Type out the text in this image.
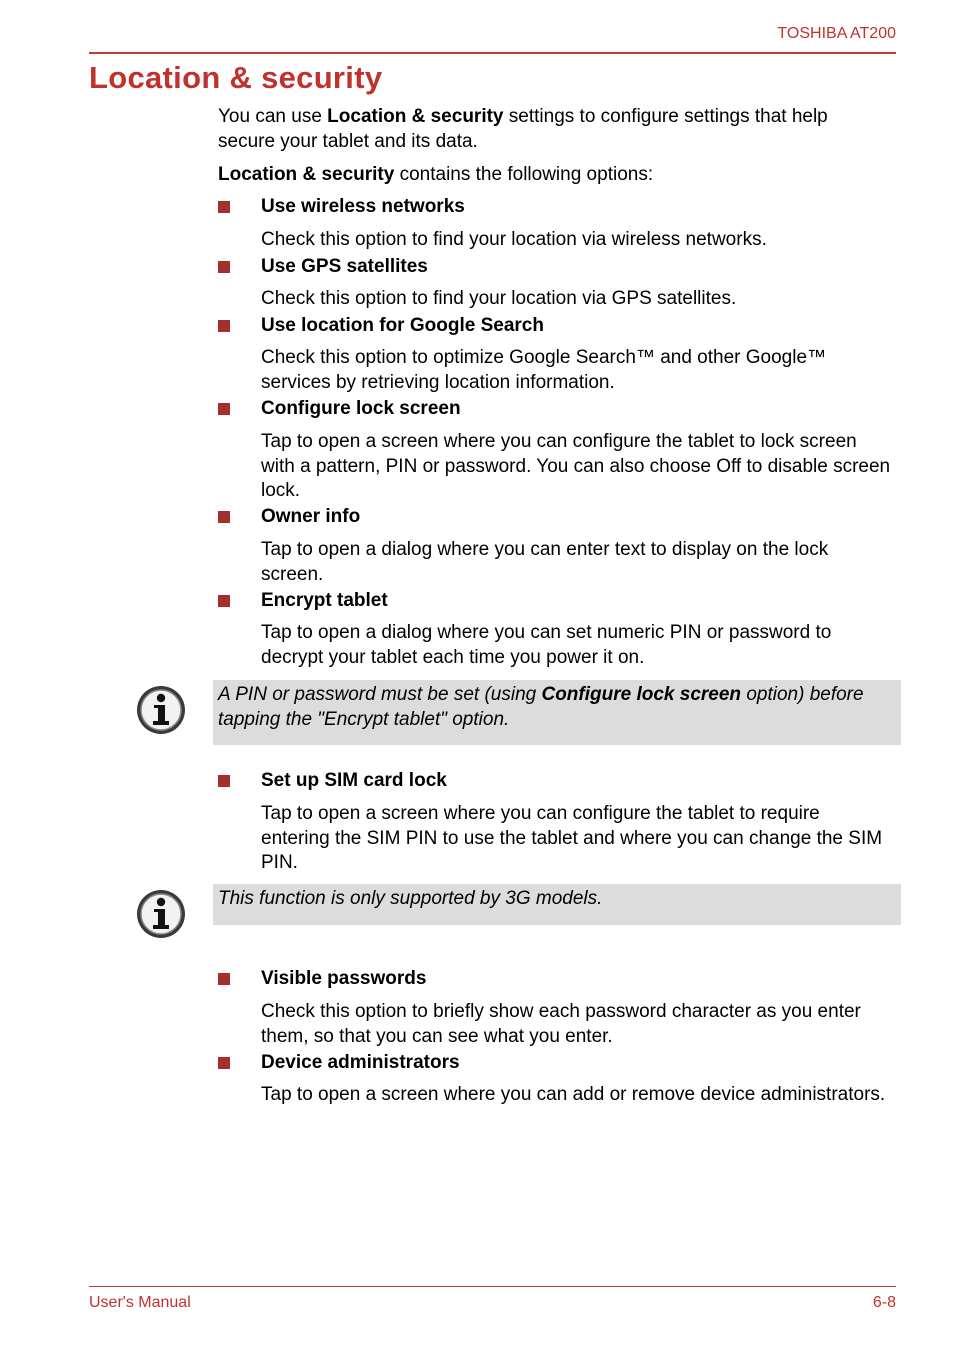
TOSHIBA AT200
Location & security

You can use Location & security settings to configure settings that help secure your tablet and its data.

Location & security contains the following options:

Use wireless networks

Check this option to find your location via wireless networks.

Use GPS satellites

Check this option to find your location via GPS satellites.

Use location for Google Search

Check this option to optimize Google Search™ and other Google™ services by retrieving location information.

Configure lock screen

Tap to open a screen where you can configure the tablet to lock screen with a pattern, PIN or password. You can also choose Off to disable screen lock.

Owner info

Tap to open a dialog where you can enter text to display on the lock screen.

Encrypt tablet

Tap to open a dialog where you can set numeric PIN or password to decrypt your tablet each time you power it on.

A PIN or password must be set (using Configure lock screen option) before tapping the "Encrypt tablet" option.

Set up SIM card lock

Tap to open a screen where you can configure the tablet to require entering the SIM PIN to use the tablet and where you can change the SIM PIN.

This function is only supported by 3G models.

Visible passwords

Check this option to briefly show each password character as you enter them, so that you can see what you enter.

Device administrators

Tap to open a screen where you can add or remove device administrators.

User's Manual	6-8
